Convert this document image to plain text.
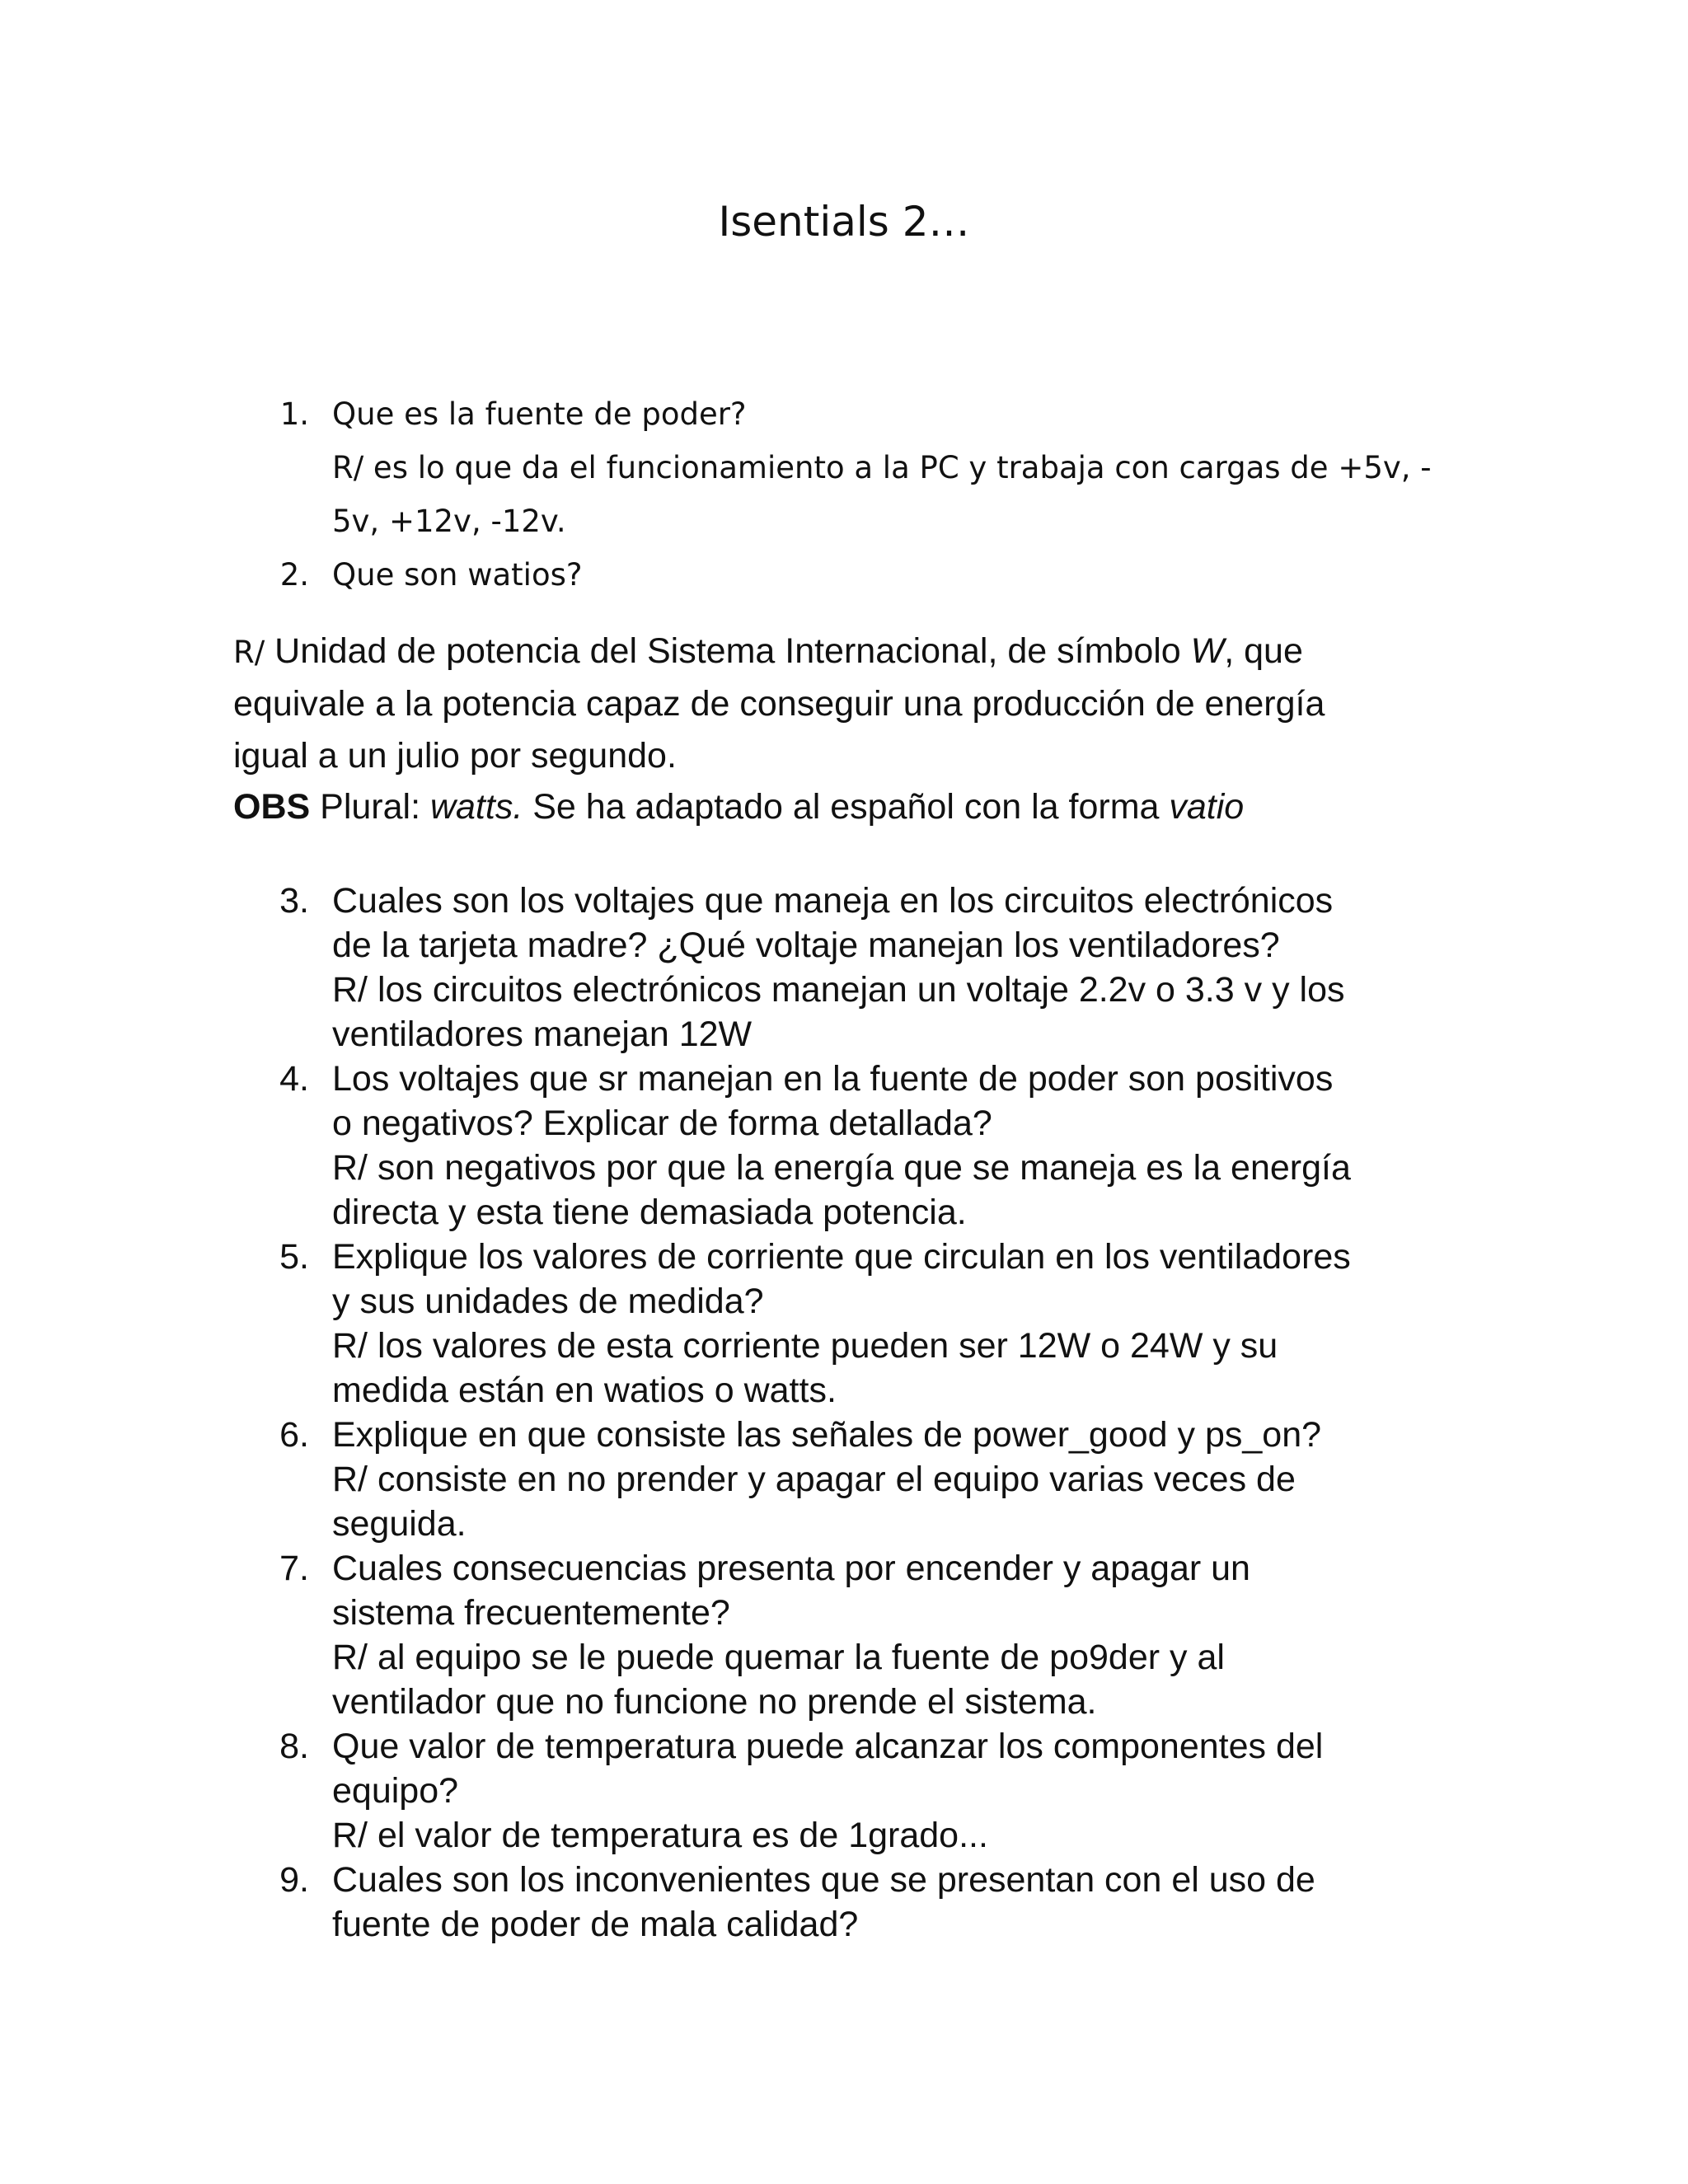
Isentials 2…
1. Que es la fuente de poder?
R/ es lo que da el funcionamiento a la PC y trabaja con cargas de +5v, -
5v, +12v, -12v.
2. Que son watios?
R/ Unidad de potencia del Sistema Internacional, de símbolo W, que
equivale a la potencia capaz de conseguir una producción de energía
igual a un julio por segundo.
OBS Plural: watts. Se ha adaptado al español con la forma vatio
3. Cuales son los voltajes que maneja en los circuitos electrónicos
de la tarjeta madre? ¿Qué voltaje manejan los ventiladores?
R/ los circuitos electrónicos manejan un voltaje 2.2v o 3.3 v y los
ventiladores manejan 12W
4. Los voltajes que sr manejan en la fuente de poder son positivos
o negativos? Explicar de forma detallada?
R/ son negativos por que la energía que se maneja es la energía
directa y esta tiene demasiada potencia.
5. Explique los valores de corriente que circulan en los ventiladores
y sus unidades de medida?
R/ los valores de esta corriente pueden ser 12W o 24W y su
medida están en watios o watts.
6. Explique en que consiste las señales de power_good y ps_on?
R/ consiste en no prender y apagar el equipo varias veces de
seguida.
7. Cuales consecuencias presenta por encender y apagar un
sistema frecuentemente?
R/ al equipo se le puede quemar la fuente de po9der y al
ventilador que no funcione no prende el sistema.
8. Que valor de temperatura puede alcanzar los componentes del
equipo?
R/ el valor de temperatura es de 1grado...
9. Cuales son los inconvenientes que se presentan con el uso de
fuente de poder de mala calidad?
